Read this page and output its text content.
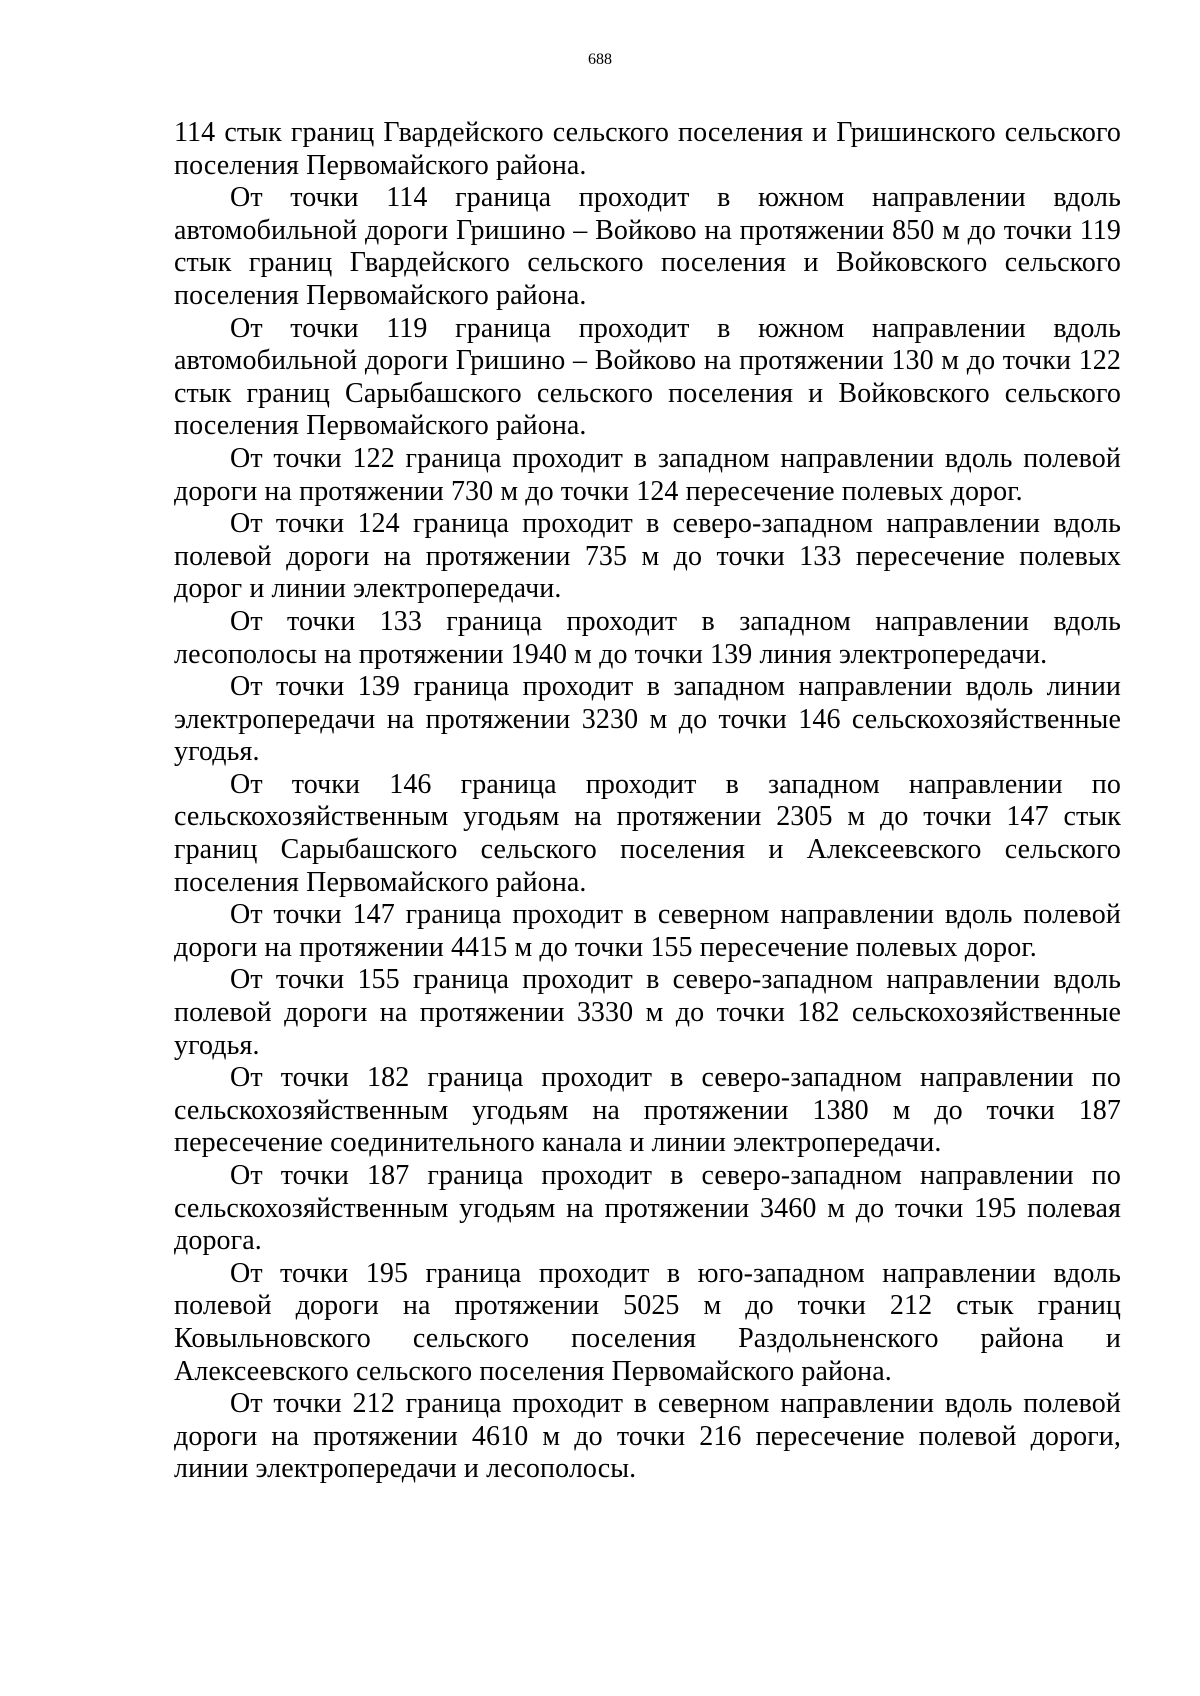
688

114 стык границ Гвардейского сельского поселения и Гришинского сельского поселения Первомайского района.

От точки 114 граница проходит в южном направлении вдоль автомобильной дороги Гришино – Войково на протяжении 850 м до точки 119 стык границ Гвардейского сельского поселения и Войковского сельского поселения Первомайского района.

От точки 119 граница проходит в южном направлении вдоль автомобильной дороги Гришино – Войково на протяжении 130 м до точки 122 стык границ Сарыбашского сельского поселения и Войковского сельского поселения Первомайского района.

От точки 122 граница проходит в западном направлении вдоль полевой дороги на протяжении 730 м до точки 124 пересечение полевых дорог.

От точки 124 граница проходит в северо-западном направлении вдоль полевой дороги на протяжении 735 м до точки 133 пересечение полевых дорог и линии электропередачи.

От точки 133 граница проходит в западном направлении вдоль лесополосы на протяжении 1940 м до точки 139 линия электропередачи.

От точки 139 граница проходит в западном направлении вдоль линии электропередачи на протяжении 3230 м до точки 146 сельскохозяйственные угодья.

От точки 146 граница проходит в западном направлении по сельскохозяйственным угодьям на протяжении 2305 м до точки 147 стык границ Сарыбашского сельского поселения и Алексеевского сельского поселения Первомайского района.

От точки 147 граница проходит в северном направлении вдоль полевой дороги на протяжении 4415 м до точки 155 пересечение полевых дорог.

От точки 155 граница проходит в северо-западном направлении вдоль полевой дороги на протяжении 3330 м до точки 182 сельскохозяйственные угодья.

От точки 182 граница проходит в северо-западном направлении по сельскохозяйственным угодьям на протяжении 1380 м до точки 187 пересечение соединительного канала и линии электропередачи.

От точки 187 граница проходит в северо-западном направлении по сельскохозяйственным угодьям на протяжении 3460 м до точки 195 полевая дорога.

От точки 195 граница проходит в юго-западном направлении вдоль полевой дороги на протяжении 5025 м до точки 212 стык границ Ковыльновского сельского поселения Раздольненского района и Алексеевского сельского поселения Первомайского района.

От точки 212 граница проходит в северном направлении вдоль полевой дороги на протяжении 4610 м до точки 216 пересечение полевой дороги, линии электропередачи и лесополосы.
